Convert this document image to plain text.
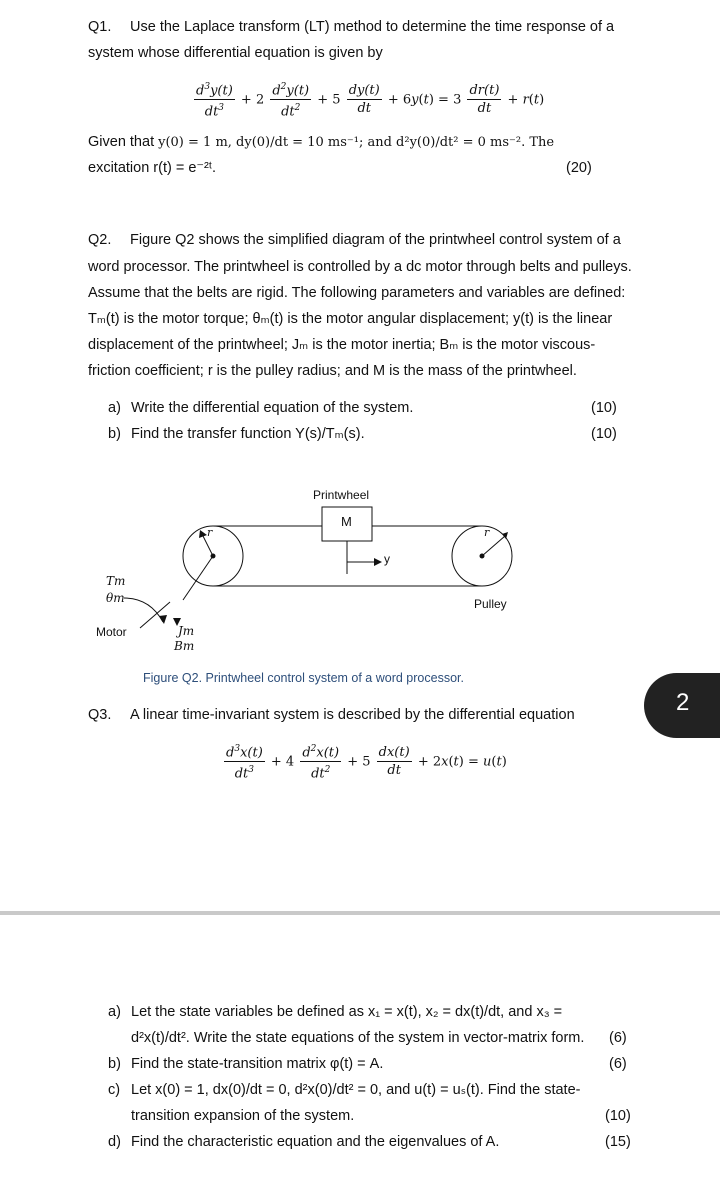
Q1. Use the Laplace transform (LT) method to determine the time response of a
system whose differential equation is given by
$\frac{d^3y(t)}{dt^3} + 2 \frac{d^2y(t)}{dt^2} + 5 \frac{dy(t)}{dt} + 6y(t) = 3 \frac{dr(t)}{dt} + r(t)$
Given that y(0) = 1 m, dy(0)/dt = 10 ms⁻¹; and d²y(0)/dt² = 0 ms⁻². The
excitation r(t) = e⁻²ᵗ.	(20)
Q2. Figure Q2 shows the simplified diagram of the printwheel control system of a
word processor. The printwheel is controlled by a dc motor through belts and pulleys.
Assume that the belts are rigid. The following parameters and variables are defined:
Tₘ(t) is the motor torque; θₘ(t) is the motor angular displacement; y(t) is the linear
displacement of the printwheel; Jₘ is the motor inertia; Bₘ is the motor viscous-
friction coefficient; r is the pulley radius; and M is the mass of the printwheel.
a) Write the differential equation of the system.	(10)
b) Find the transfer function Y(s)/Tₘ(s).	(10)
Printwheel
M
y
r	r
Pulley
Motor
Tm
θm
Jm
Bm
Figure Q2. Printwheel control system of a word processor.
Q3. A linear time-invariant system is described by the differential equation
$\frac{d^3x(t)}{dt^3} + 4 \frac{d^2x(t)}{dt^2} + 5 \frac{dx(t)}{dt} + 2x(t) = u(t)$
2
a) Let the state variables be defined as x₁ = x(t), x₂ = dx(t)/dt, and x₃ =
d²x(t)/dt². Write the state equations of the system in vector-matrix form. (6)
b) Find the state-transition matrix φ(t) = A.	(6)
c) Let x(0) = 1, dx(0)/dt = 0, d²x(0)/dt² = 0, and u(t) = uₛ(t). Find the state-
transition expansion of the system.	(10)
d) Find the characteristic equation and the eigenvalues of A.	(15)
